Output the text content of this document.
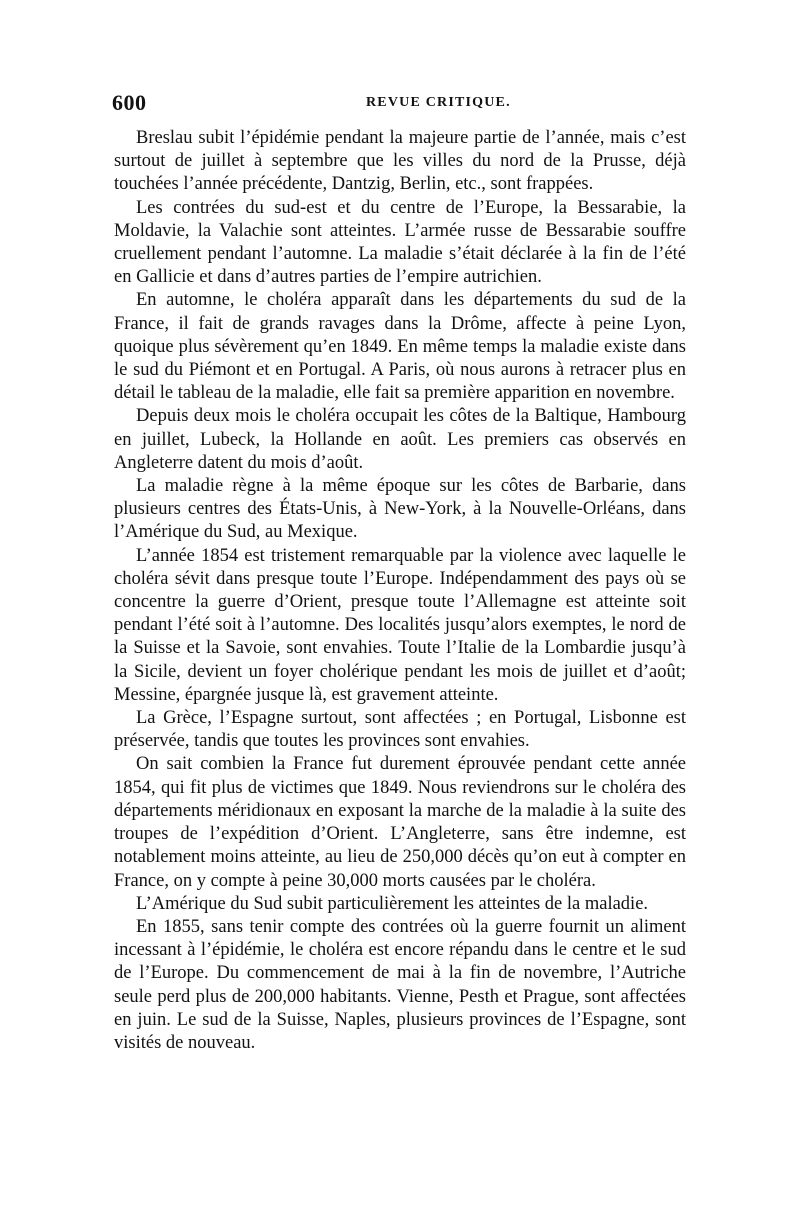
600	REVUE CRITIQUE.

Breslau subit l’épidémie pendant la majeure partie de l’année, mais c’est surtout de juillet à septembre que les villes du nord de la Prusse, déjà touchées l’année précédente, Dantzig, Berlin, etc., sont frappées.

Les contrées du sud-est et du centre de l’Europe, la Bessarabie, la Moldavie, la Valachie sont atteintes. L’armée russe de Bessarabie souffre cruellement pendant l’automne. La maladie s’était déclarée à la fin de l’été en Gallicie et dans d’autres parties de l’empire autrichien.

En automne, le choléra apparaît dans les départements du sud de la France, il fait de grands ravages dans la Drôme, affecte à peine Lyon, quoique plus sévèrement qu’en 1849. En même temps la maladie existe dans le sud du Piémont et en Portugal. A Paris, où nous aurons à retracer plus en détail le tableau de la maladie, elle fait sa première apparition en novembre.

Depuis deux mois le choléra occupait les côtes de la Baltique, Hambourg en juillet, Lubeck, la Hollande en août. Les premiers cas observés en Angleterre datent du mois d’août.

La maladie règne à la même époque sur les côtes de Barbarie, dans plusieurs centres des États-Unis, à New-York, à la Nouvelle-Orléans, dans l’Amérique du Sud, au Mexique.

L’année 1854 est tristement remarquable par la violence avec laquelle le choléra sévit dans presque toute l’Europe. Indépendamment des pays où se concentre la guerre d’Orient, presque toute l’Allemagne est atteinte soit pendant l’été soit à l’automne. Des localités jusqu’alors exemptes, le nord de la Suisse et la Savoie, sont envahies. Toute l’Italie de la Lombardie jusqu’à la Sicile, devient un foyer cholérique pendant les mois de juillet et d’août; Messine, épargnée jusque là, est gravement atteinte.

La Grèce, l’Espagne surtout, sont affectées ; en Portugal, Lisbonne est préservée, tandis que toutes les provinces sont envahies.

On sait combien la France fut durement éprouvée pendant cette année 1854, qui fit plus de victimes que 1849. Nous reviendrons sur le choléra des départements méridionaux en exposant la marche de la maladie à la suite des troupes de l’expédition d’Orient. L’Angleterre, sans être indemne, est notablement moins atteinte, au lieu de 250,000 décès qu’on eut à compter en France, on y compte à peine 30,000 morts causées par le choléra.

L’Amérique du Sud subit particulièrement les atteintes de la maladie.

En 1855, sans tenir compte des contrées où la guerre fournit un aliment incessant à l’épidémie, le choléra est encore répandu dans le centre et le sud de l’Europe. Du commencement de mai à la fin de novembre, l’Autriche seule perd plus de 200,000 habitants. Vienne, Pesth et Prague, sont affectées en juin. Le sud de la Suisse, Naples, plusieurs provinces de l’Espagne, sont visités de nouveau.
